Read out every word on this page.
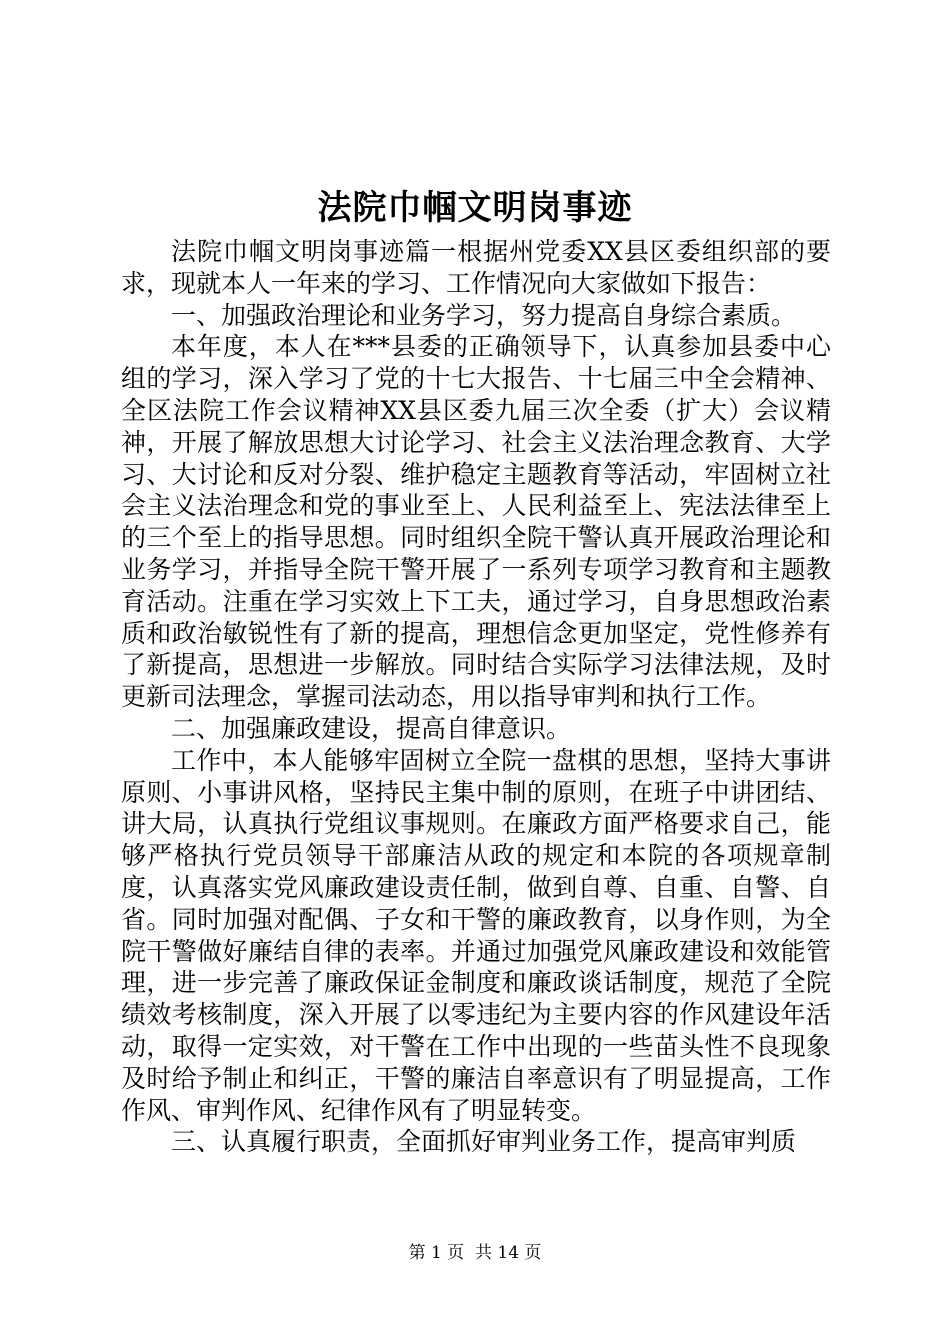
法院巾帼文明岗事迹

法院巾帼文明岗事迹篇一根据州党委XX县区委组织部的要求，现就本人一年来的学习、工作情况向大家做如下报告：

一、加强政治理论和业务学习，努力提高自身综合素质。

本年度，本人在***县委的正确领导下，认真参加县委中心组的学习，深入学习了党的十七大报告、十七届三中全会精神、全区法院工作会议精神XX县区委九届三次全委（扩大）会议精神，开展了解放思想大讨论学习、社会主义法治理念教育、大学习、大讨论和反对分裂、维护稳定主题教育等活动，牢固树立社会主义法治理念和党的事业至上、人民利益至上、宪法法律至上的三个至上的指导思想。同时组织全院干警认真开展政治理论和业务学习，并指导全院干警开展了一系列专项学习教育和主题教育活动。注重在学习实效上下工夫，通过学习，自身思想政治素质和政治敏锐性有了新的提高，理想信念更加坚定，党性修养有了新提高，思想进一步解放。同时结合实际学习法律法规，及时更新司法理念，掌握司法动态，用以指导审判和执行工作。

二、加强廉政建设，提高自律意识。

工作中，本人能够牢固树立全院一盘棋的思想，坚持大事讲原则、小事讲风格，坚持民主集中制的原则，在班子中讲团结、讲大局，认真执行党组议事规则。在廉政方面严格要求自己，能够严格执行党员领导干部廉洁从政的规定和本院的各项规章制度，认真落实党风廉政建设责任制，做到自尊、自重、自警、自省。同时加强对配偶、子女和干警的廉政教育，以身作则，为全院干警做好廉结自律的表率。并通过加强党风廉政建设和效能管理，进一步完善了廉政保证金制度和廉政谈话制度，规范了全院绩效考核制度，深入开展了以零违纪为主要内容的作风建设年活动，取得一定实效，对干警在工作中出现的一些苗头性不良现象及时给予制止和纠正，干警的廉洁自率意识有了明显提高，工作作风、审判作风、纪律作风有了明显转变。

三、认真履行职责，全面抓好审判业务工作，提高审判质

第 1 页  共 14 页
